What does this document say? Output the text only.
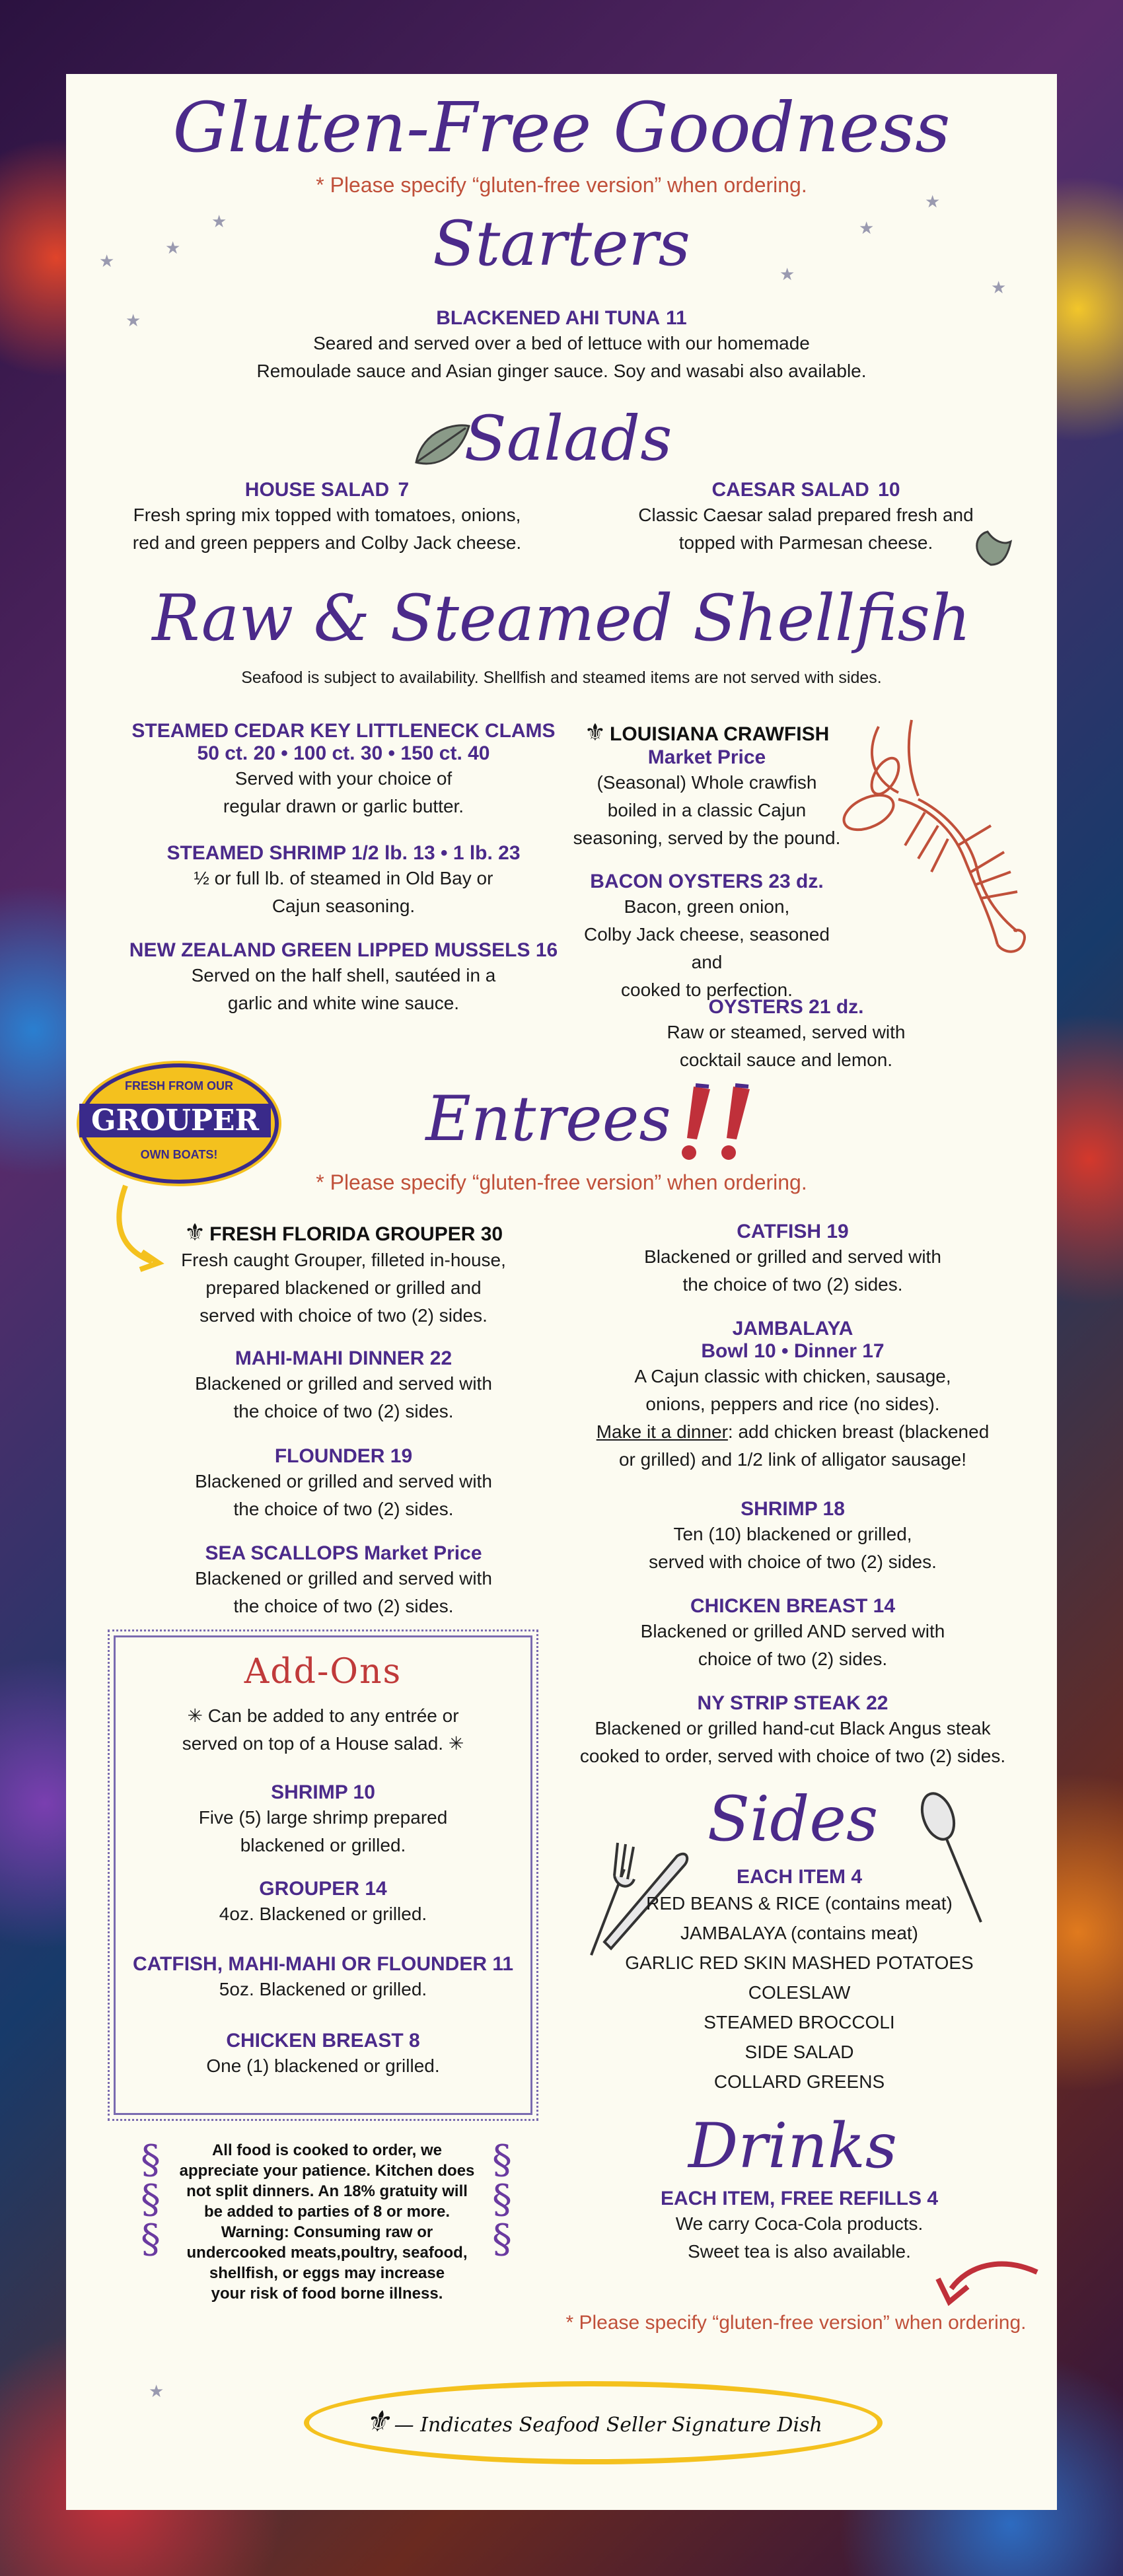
★
★
★
★
★
★
★
★
★
Gluten-Free Goodness
* Please specify “gluten-free version” when ordering.
Starters
BLACKENED AHI TUNA 11
Seared and served over a bed of lettuce with our homemade
Remoulade sauce and Asian ginger sauce. Soy and wasabi also available.
Salads
HOUSE SALAD 7
Fresh spring mix topped with tomatoes, onions,
red and green peppers and Colby Jack cheese.
CAESAR SALAD 10
Classic Caesar salad prepared fresh and
topped with Parmesan cheese.
Raw & Steamed Shellfish
Seafood is subject to availability. Shellfish and steamed items are not served with sides.
STEAMED CEDAR KEY LITTLENECK CLAMS
50 ct. 20 • 100 ct. 30 • 150 ct. 40
Served with your choice of
regular drawn or garlic butter.
STEAMED SHRIMP 1/2 lb. 13 • 1 lb. 23
½ or full lb. of steamed in Old Bay or
Cajun seasoning.
NEW ZEALAND GREEN LIPPED MUSSELS 16
Served on the half shell, sautéed in a
garlic and white wine sauce.
⚜ LOUISIANA CRAWFISH
Market Price
(Seasonal) Whole crawfish
boiled in a classic Cajun
seasoning, served by the pound.
BACON OYSTERS 23 dz.
Bacon, green onion,
Colby Jack cheese, seasoned and
cooked to perfection.
OYSTERS 21 dz.
Raw or steamed, served with
cocktail sauce and lemon.
FRESH FROM OUR
GROUPER
OWN BOATS!	Entrees
* Please specify “gluten-free version” when ordering.
⚜ FRESH FLORIDA GROUPER 30
Fresh caught Grouper, filleted in-house,
prepared blackened or grilled and
served with choice of two (2) sides.
MAHI-MAHI DINNER 22
Blackened or grilled and served with
the choice of two (2) sides.
FLOUNDER 19
Blackened or grilled and served with
the choice of two (2) sides.
SEA SCALLOPS Market Price
Blackened or grilled and served with
the choice of two (2) sides.
CATFISH 19
Blackened or grilled and served with
the choice of two (2) sides.
JAMBALAYA
Bowl 10 • Dinner 17
A Cajun classic with chicken, sausage,
onions, peppers and rice (no sides).
Make it a dinner: add chicken breast (blackened
or grilled) and 1/2 link of alligator sausage!
SHRIMP 18
Ten (10) blackened or grilled,
served with choice of two (2) sides.
CHICKEN BREAST 14
Blackened or grilled AND served with
choice of two (2) sides.
NY STRIP STEAK 22
Blackened or grilled hand-cut Black Angus steak
cooked to order, served with choice of two (2) sides.
Add-Ons
✳ Can be added to any entrée or
served on top of a House salad. ✳
SHRIMP 10
Five (5) large shrimp prepared
blackened or grilled.
GROUPER 14
4oz. Blackened or grilled.
CATFISH, MAHI-MAHI OR FLOUNDER 11
5oz. Blackened or grilled.
CHICKEN BREAST 8
One (1) blackened or grilled.
§
§
§
§
§
§
All food is cooked to order, we
appreciate your patience. Kitchen does
not split dinners. An 18% gratuity will
be added to parties of 8 or more.
Warning: Consuming raw or
undercooked meats,poultry, seafood,
shellfish, or eggs may increase
your risk of food borne illness.
Sides
EACH ITEM 4
RED BEANS & RICE (contains meat)
JAMBALAYA (contains meat)
GARLIC RED SKIN MASHED POTATOES
COLESLAW
STEAMED BROCCOLI
SIDE SALAD
COLLARD GREENS
Drinks
EACH ITEM, FREE REFILLS 4
We carry Coca-Cola products.
Sweet tea is also available.
* Please specify “gluten-free version” when ordering.
⚜ — Indicates Seafood Seller Signature Dish
